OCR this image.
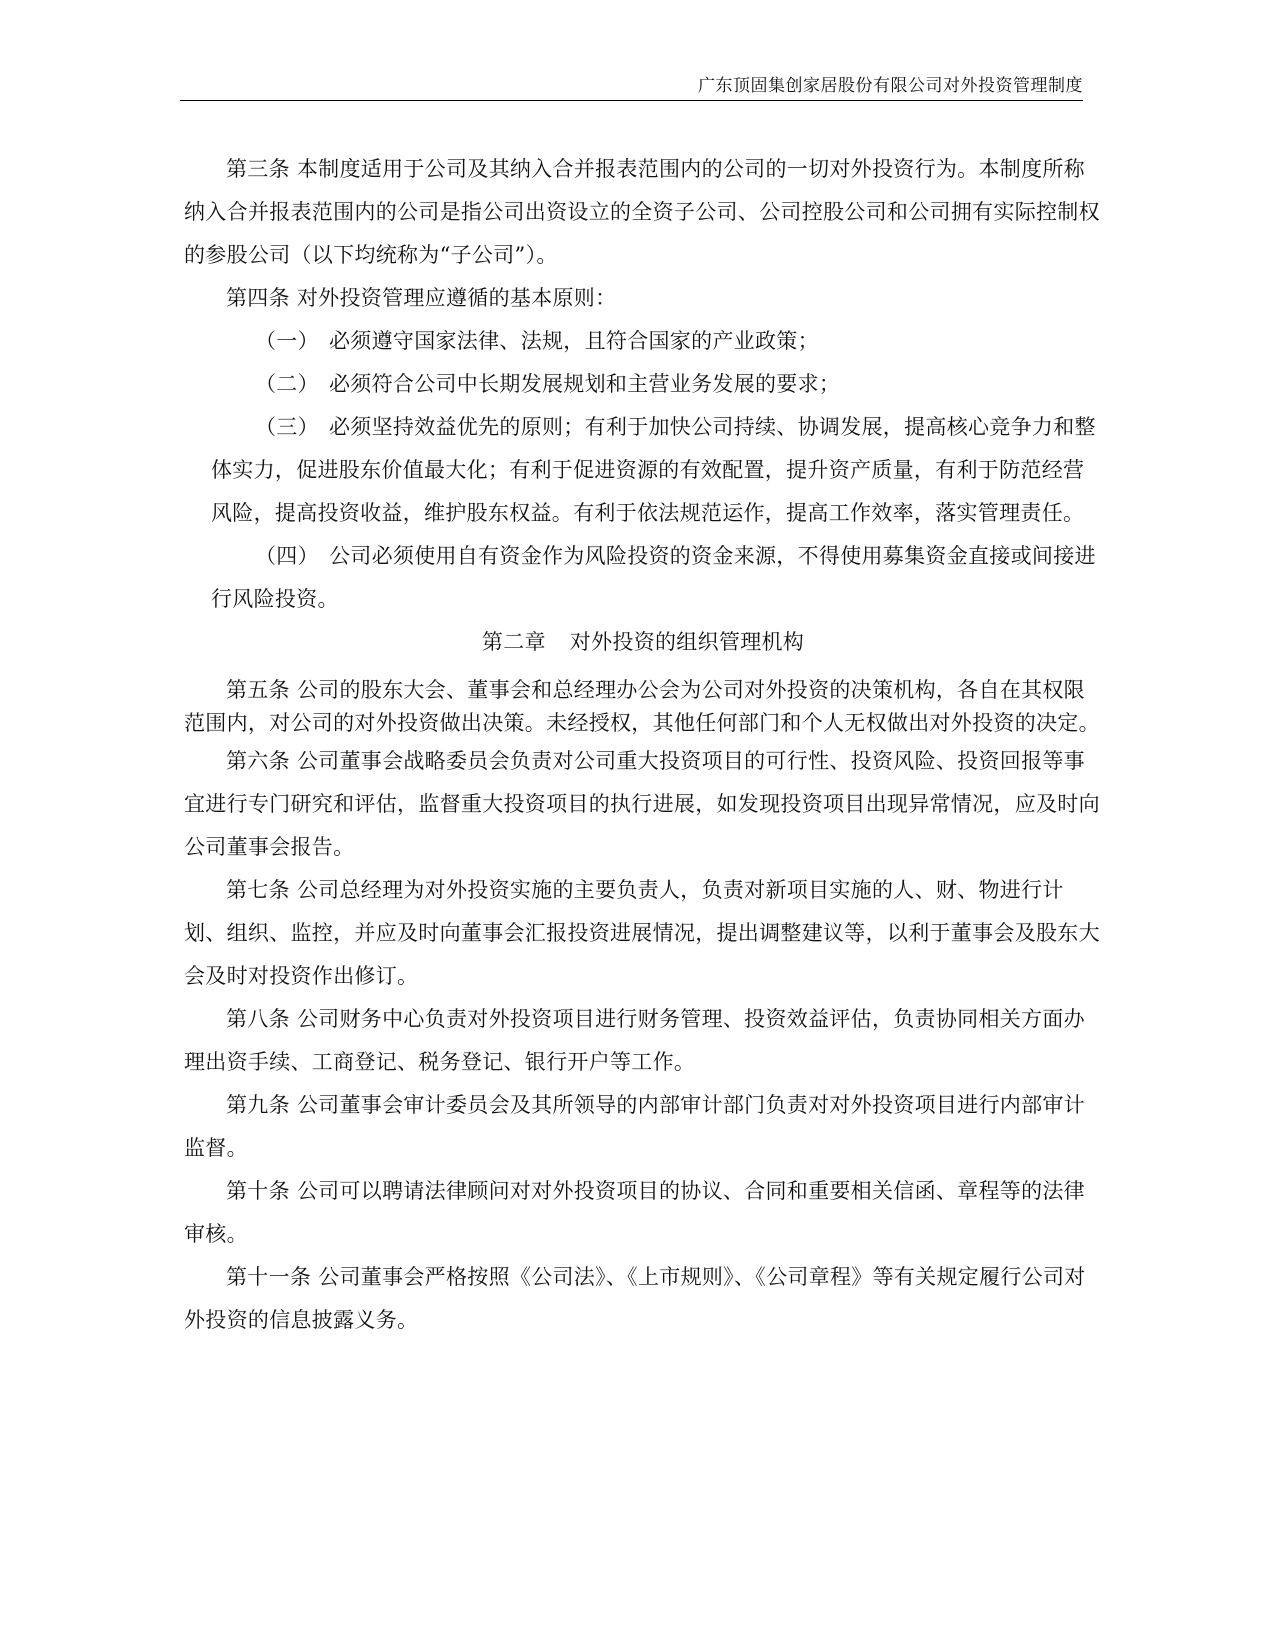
广东顶固集创家居股份有限公司对外投资管理制度

第三条 本制度适用于公司及其纳入合并报表范围内的公司的一切对外投资行为。本制度所称纳入合并报表范围内的公司是指公司出资设立的全资子公司、公司控股公司和公司拥有实际控制权的参股公司（以下均统称为“子公司”）。

第四条 对外投资管理应遵循的基本原则：

（一） 必须遵守国家法律、法规，且符合国家的产业政策；
（二） 必须符合公司中长期发展规划和主营业务发展的要求；
（三） 必须坚持效益优先的原则；有利于加快公司持续、协调发展，提高核心竞争力和整体实力，促进股东价值最大化；有利于促进资源的有效配置，提升资产质量，有利于防范经营风险，提高投资收益，维护股东权益。有利于依法规范运作，提高工作效率，落实管理责任。
（四） 公司必须使用自有资金作为风险投资的资金来源，不得使用募集资金直接或间接进行风险投资。

第二章 对外投资的组织管理机构

第五条 公司的股东大会、董事会和总经理办公会为公司对外投资的决策机构，各自在其权限范围内，对公司的对外投资做出决策。未经授权，其他任何部门和个人无权做出对外投资的决定。

第六条 公司董事会战略委员会负责对公司重大投资项目的可行性、投资风险、投资回报等事宜进行专门研究和评估，监督重大投资项目的执行进展，如发现投资项目出现异常情况，应及时向公司董事会报告。

第七条 公司总经理为对外投资实施的主要负责人，负责对新项目实施的人、财、物进行计划、组织、监控，并应及时向董事会汇报投资进展情况，提出调整建议等，以利于董事会及股东大会及时对投资作出修订。

第八条 公司财务中心负责对外投资项目进行财务管理、投资效益评估，负责协同相关方面办理出资手续、工商登记、税务登记、银行开户等工作。

第九条 公司董事会审计委员会及其所领导的内部审计部门负责对对外投资项目进行内部审计监督。

第十条 公司可以聘请法律顾问对对外投资项目的协议、合同和重要相关信函、章程等的法律审核。

第十一条 公司董事会严格按照《公司法》、《上市规则》、《公司章程》等有关规定履行公司对外投资的信息披露义务。
